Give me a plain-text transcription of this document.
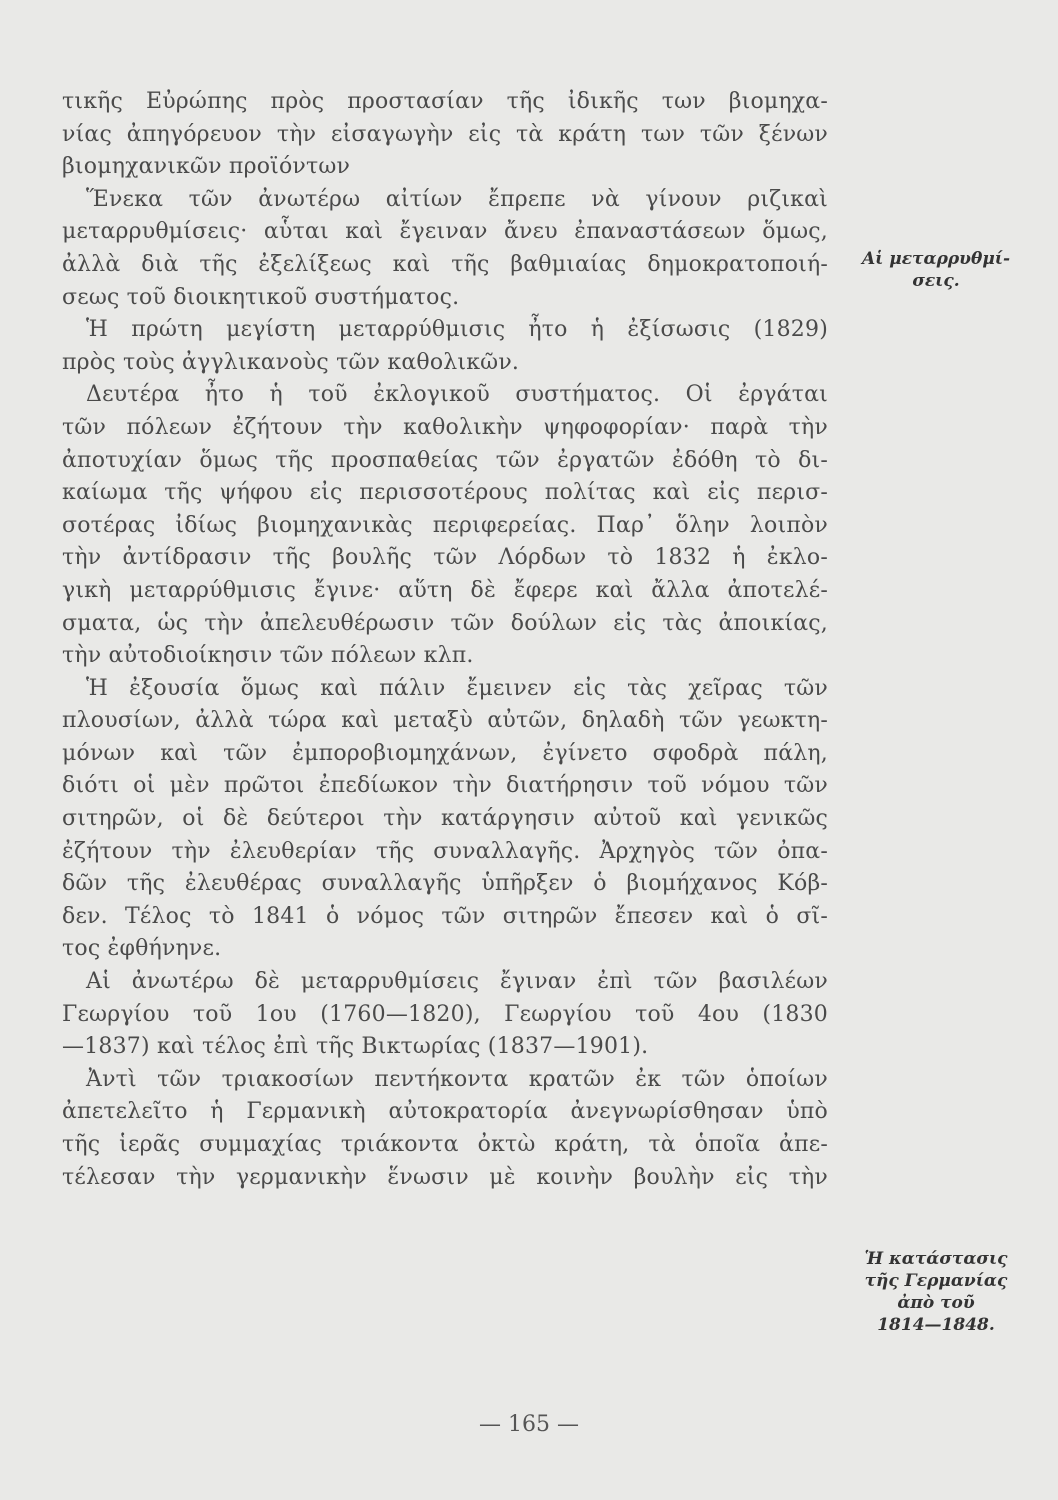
τικῆς Εὐρώπης πρὸς προστασίαν τῆς ἰδικῆς των βιομηχα-
νίας ἀπηγόρευον τὴν εἰσαγωγὴν εἰς τὰ κράτη των τῶν ξένων
βιομηχανικῶν προϊόντων
Ἕνεκα τῶν ἀνωτέρω αἰτίων ἔπρεπε νὰ γίνουν ριζικαὶ
μεταρρυθμίσεις· αὗται καὶ ἔγειναν ἄνευ ἐπαναστάσεων ὅμως,
ἀλλὰ διὰ τῆς ἐξελίξεως καὶ τῆς βαθμιαίας δημοκρατοποιή-
σεως τοῦ διοικητικοῦ συστήματος.
Ἡ πρώτη μεγίστη μεταρρύθμισις ἦτο ἡ ἐξίσωσις (1829)
πρὸς τοὺς ἀγγλικανοὺς τῶν καθολικῶν.
Δευτέρα ἦτο ἡ τοῦ ἐκλογικοῦ συστήματος. Οἱ ἐργάται
τῶν πόλεων ἐζήτουν τὴν καθολικὴν ψηφοφορίαν· παρὰ τὴν
ἀποτυχίαν ὅμως τῆς προσπαθείας τῶν ἐργατῶν ἐδόθη τὸ δι-
καίωμα τῆς ψήφου εἰς περισσοτέρους πολίτας καὶ εἰς περισ-
σοτέρας ἰδίως βιομηχανικὰς περιφερείας. Παρ᾽ ὅλην λοιπὸν
τὴν ἀντίδρασιν τῆς βουλῆς τῶν Λόρδων τὸ 1832 ἡ ἐκλο-
γικὴ μεταρρύθμισις ἔγινε· αὕτη δὲ ἔφερε καὶ ἄλλα ἀποτελέ-
σματα, ὡς τὴν ἀπελευθέρωσιν τῶν δούλων εἰς τὰς ἀποικίας,
τὴν αὐτοδιοίκησιν τῶν πόλεων κλπ.
Ἡ ἐξουσία ὅμως καὶ πάλιν ἔμεινεν εἰς τὰς χεῖρας τῶν
πλουσίων, ἀλλὰ τώρα καὶ μεταξὺ αὐτῶν, δηλαδὴ τῶν γεωκτη-
μόνων καὶ τῶν ἐμποροβιομηχάνων, ἐγίνετο σφοδρὰ πάλη,
διότι οἱ μὲν πρῶτοι ἐπεδίωκον τὴν διατήρησιν τοῦ νόμου τῶν
σιτηρῶν, οἱ δὲ δεύτεροι τὴν κατάργησιν αὐτοῦ καὶ γενικῶς
ἐζήτουν τὴν ἐλευθερίαν τῆς συναλλαγῆς. Ἀρχηγὸς τῶν ὀπα-
δῶν τῆς ἐλευθέρας συναλλαγῆς ὑπῆρξεν ὁ βιομήχανος Κόβ-
δεν. Τέλος τὸ 1841 ὁ νόμος τῶν σιτηρῶν ἔπεσεν καὶ ὁ σῖ-
τος ἐφθήνηνε.
Αἱ ἀνωτέρω δὲ μεταρρυθμίσεις ἔγιναν ἐπὶ τῶν βασιλέων
Γεωργίου τοῦ 1ου (1760—1820), Γεωργίου τοῦ 4ου (1830
—1837) καὶ τέλος ἐπὶ τῆς Βικτωρίας (1837—1901).
Ἀντὶ τῶν τριακοσίων πεντήκοντα κρατῶν ἐκ τῶν ὁποίων
ἀπετελεῖτο ἡ Γερμανικὴ αὐτοκρατορία ἀνεγνωρίσθησαν ὑπὸ
τῆς ἱερᾶς συμμαχίας τριάκοντα ὀκτὼ κράτη, τὰ ὁποῖα ἀπε-
τέλεσαν τὴν γερμανικὴν ἕνωσιν μὲ κοινὴν βουλὴν εἰς τὴν
Αἱ μεταρρυθμί-
σεις.
Ἡ κατάστασις
τῆς Γερμανίας
ἀπὸ τοῦ
1814—1848.
— 165 —
